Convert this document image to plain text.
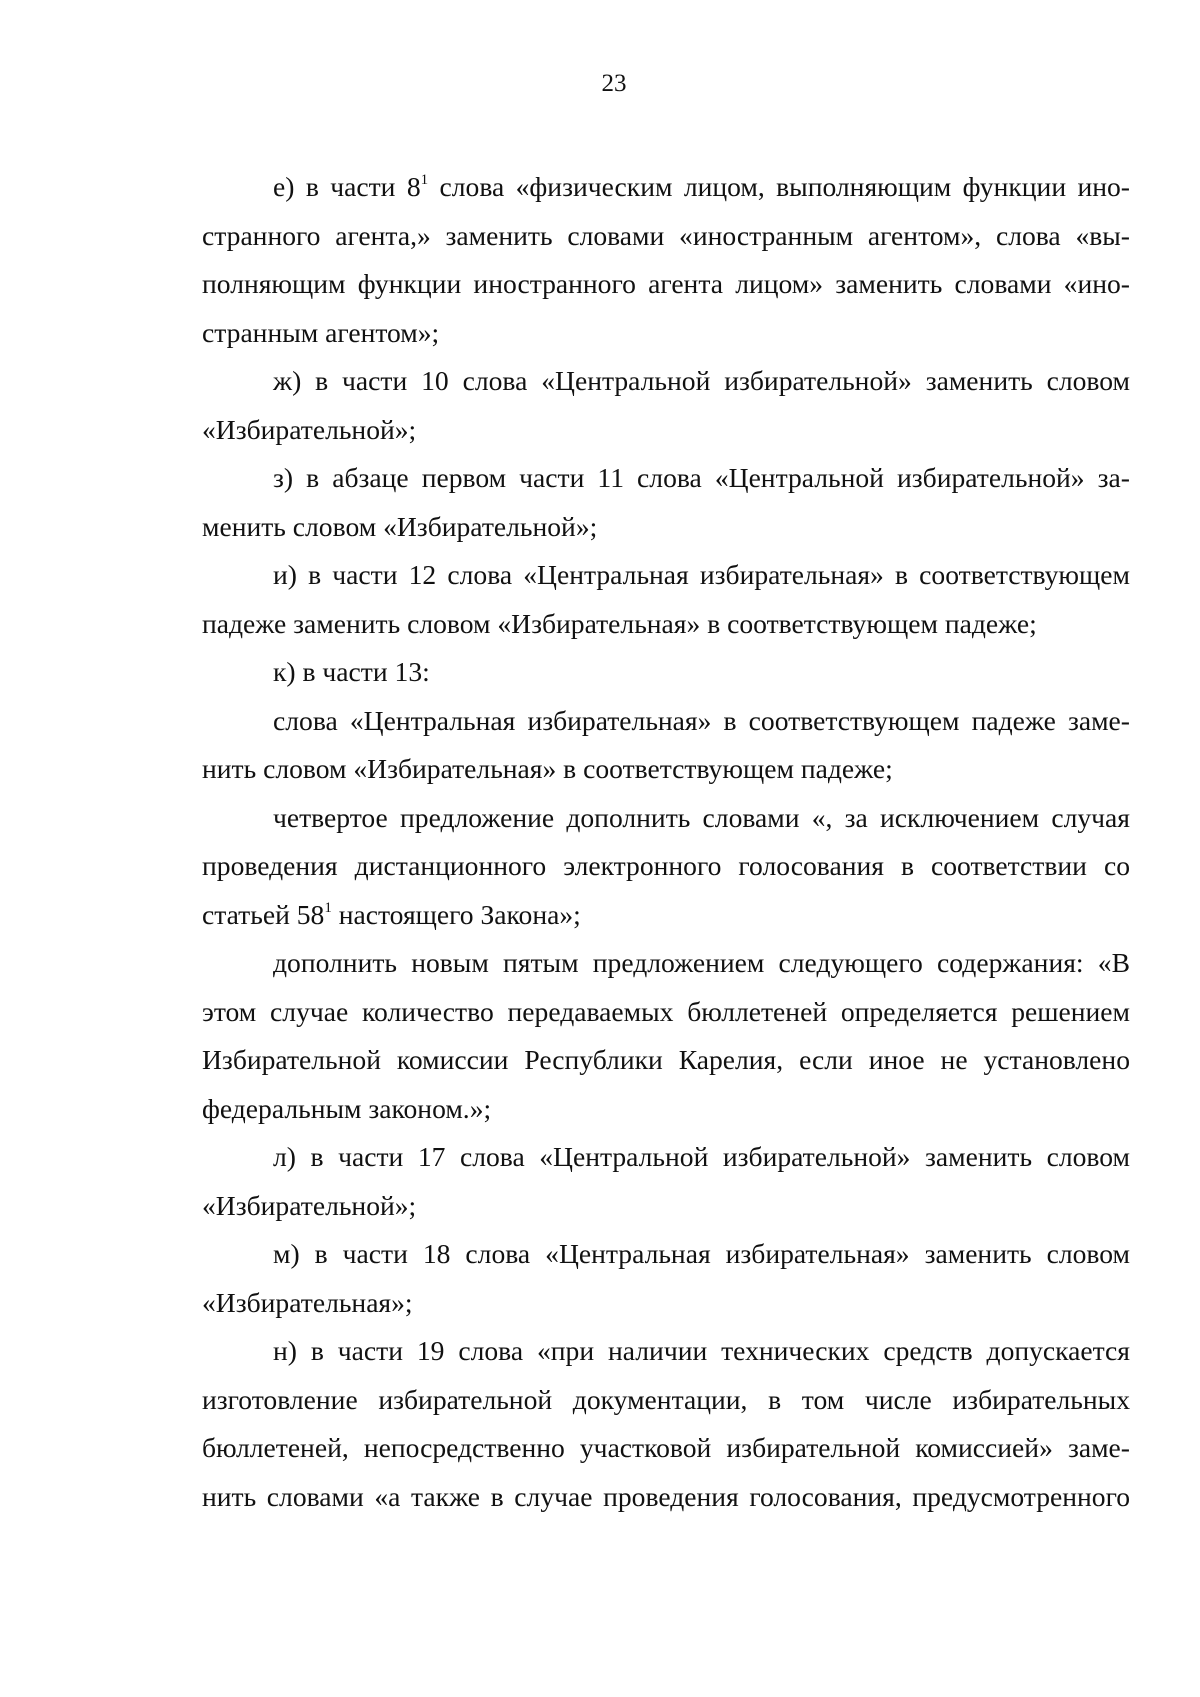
23
е) в части $8^1$ слова «физическим лицом, выполняющим функции ино-
странного агента,» заменить словами «иностранным агентом», слова «вы-
полняющим функции иностранного агента лицом» заменить словами «ино-
странным агентом»;
ж) в части 10 слова «Центральной избирательной» заменить словом
«Избирательной»;
з) в абзаце первом части 11 слова «Центральной избирательной» за-
менить словом «Избирательной»;
и) в части 12 слова «Центральная избирательная» в соответствующем
падеже заменить словом «Избирательная» в соответствующем падеже;
к) в части 13:
слова «Центральная избирательная» в соответствующем падеже заме-
нить словом «Избирательная» в соответствующем падеже;
четвертое предложение дополнить словами «, за исключением случая
проведения дистанционного электронного голосования в соответствии со
статьей $58^1$ настоящего Закона»;
дополнить новым пятым предложением следующего содержания: «В
этом случае количество передаваемых бюллетеней определяется решением
Избирательной комиссии Республики Карелия, если иное не установлено
федеральным законом.»;
л) в части 17 слова «Центральной избирательной» заменить словом
«Избирательной»;
м) в части 18 слова «Центральная избирательная» заменить словом
«Избирательная»;
н) в части 19 слова «при наличии технических средств допускается
изготовление избирательной документации, в том числе избирательных
бюллетеней, непосредственно участковой избирательной комиссией» заме-
нить словами «а также в случае проведения голосования, предусмотренного
